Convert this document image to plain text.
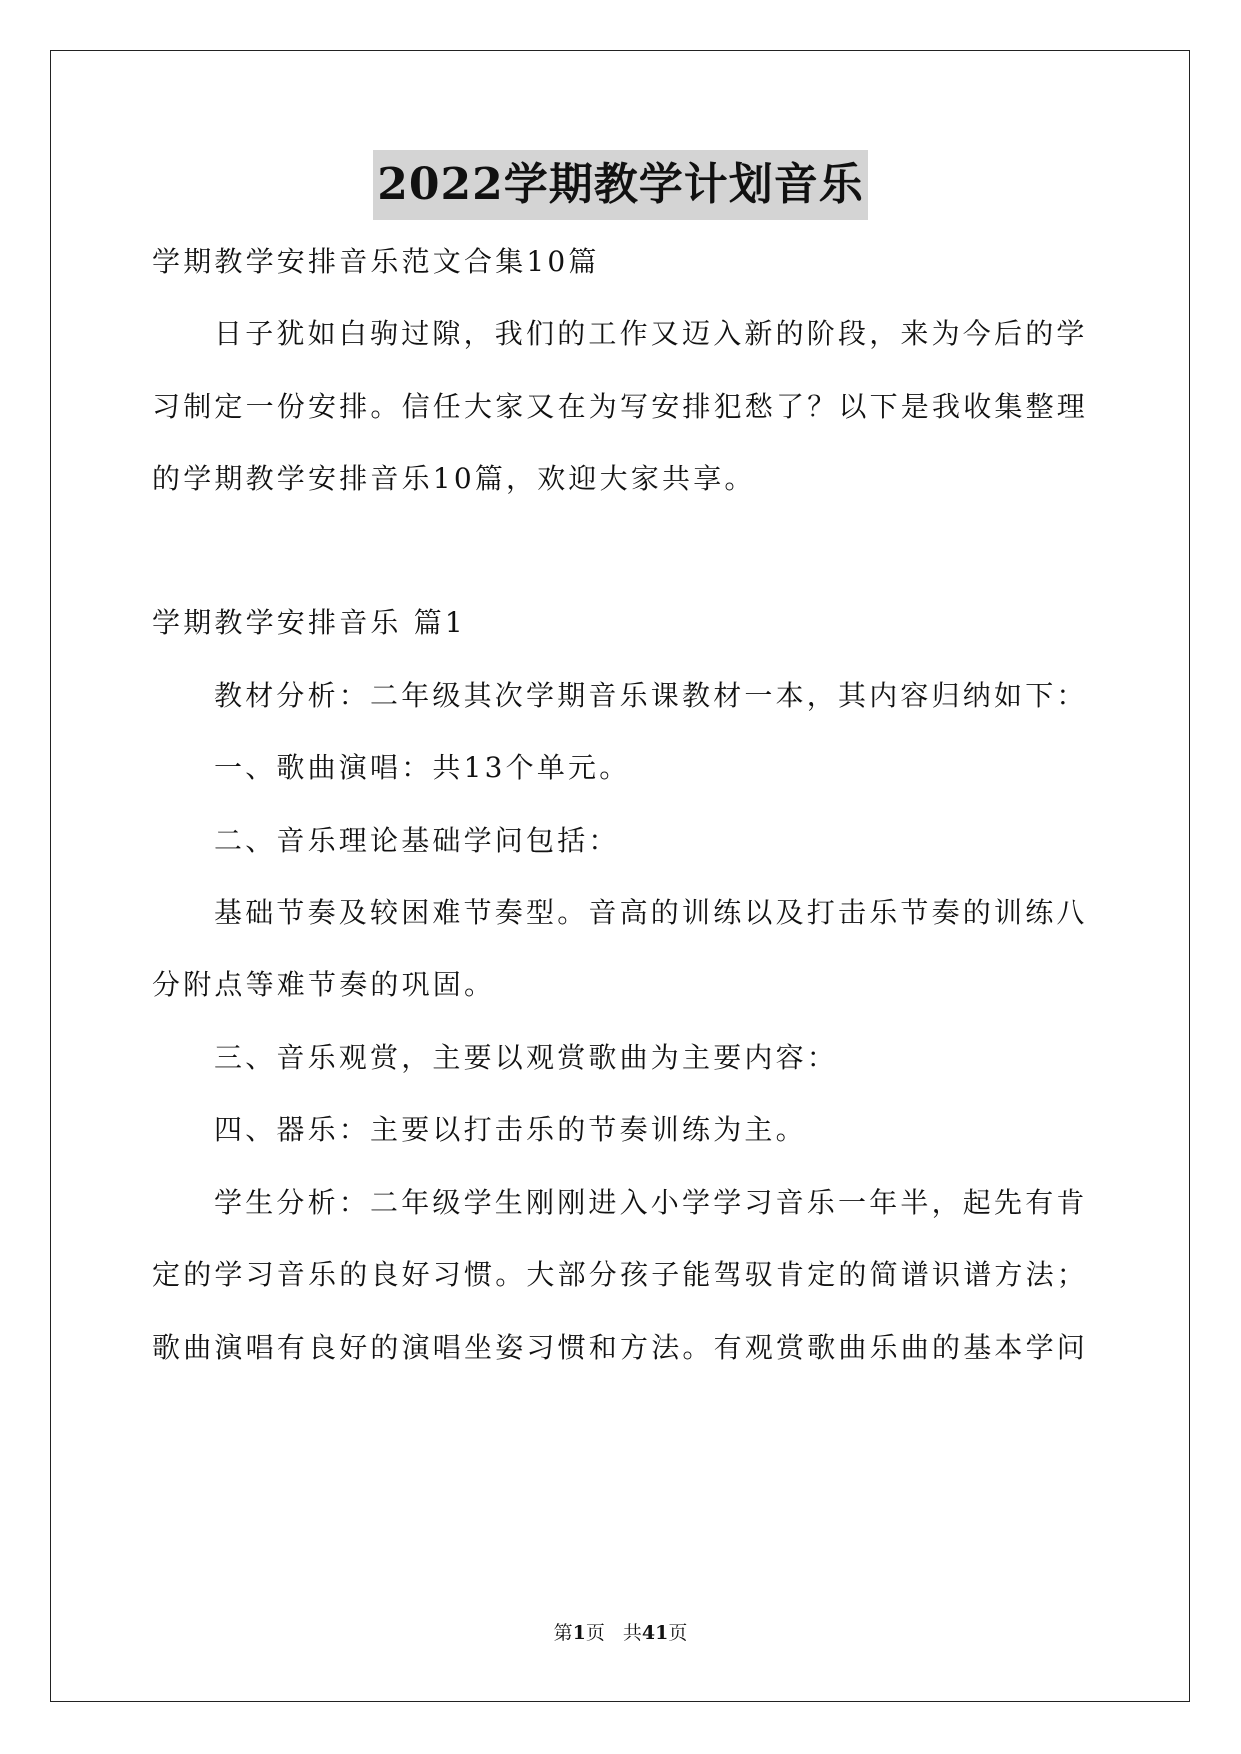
2022学期教学计划音乐
学期教学安排音乐范文合集10篇
日子犹如白驹过隙，我们的工作又迈入新的阶段，来为今后的学
习制定一份安排。信任大家又在为写安排犯愁了？以下是我收集整理
的学期教学安排音乐10篇，欢迎大家共享。
学期教学安排音乐 篇1
教材分析：二年级其次学期音乐课教材一本，其内容归纳如下：
一、歌曲演唱：共13个单元。
二、音乐理论基础学问包括：
基础节奏及较困难节奏型。音高的训练以及打击乐节奏的训练八
分附点等难节奏的巩固。
三、音乐观赏，主要以观赏歌曲为主要内容：
四、器乐：主要以打击乐的节奏训练为主。
学生分析：二年级学生刚刚进入小学学习音乐一年半，起先有肯
定的学习音乐的良好习惯。大部分孩子能驾驭肯定的简谱识谱方法；
歌曲演唱有良好的演唱坐姿习惯和方法。有观赏歌曲乐曲的基本学问
第1页 共41页
